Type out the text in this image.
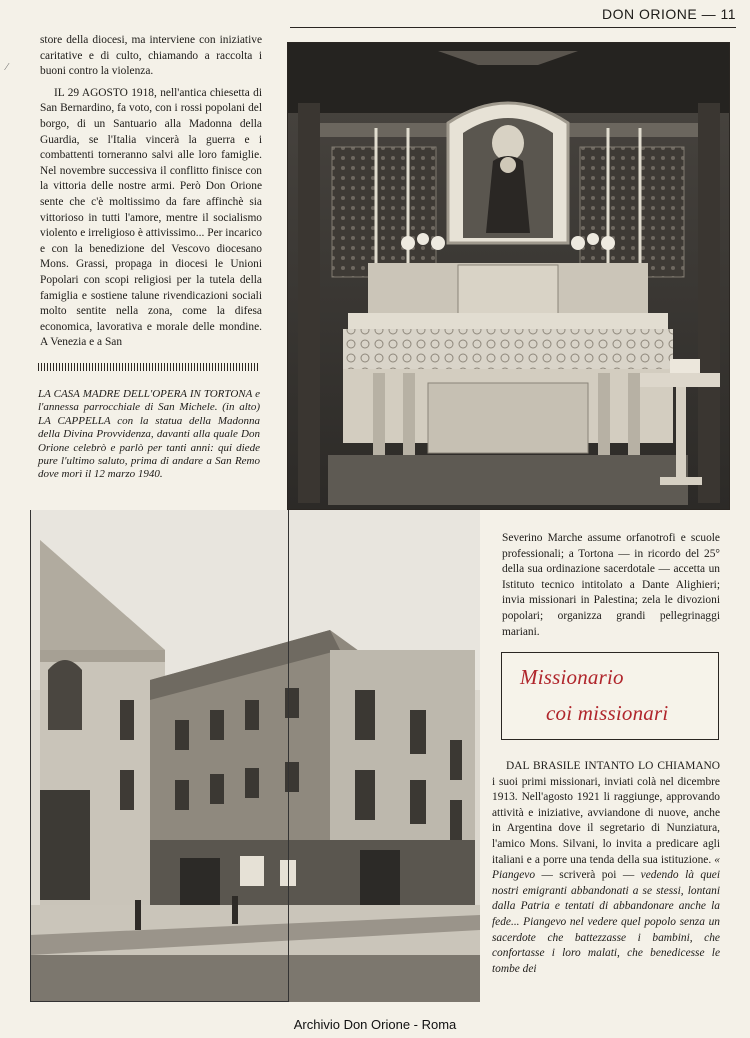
DON ORIONE — 11
⁄

store della diocesi, ma interviene con iniziative caritative e di culto, chiamando a raccolta i buoni contro la violenza.

IL 29 AGOSTO 1918, nell'antica chiesetta di San Bernardino, fa voto, con i rossi popolani del borgo, di un Santuario alla Madonna della Guardia, se l'Italia vincerà la guerra e i combattenti torneranno salvi alle loro famiglie. Nel novembre successiva il conflitto finisce con la vittoria delle nostre armi. Però Don Orione sente che c'è moltissimo da fare affinchè sia vittorioso in tutti l'amore, mentre il socialismo violento e irreligioso è attivissimo... Per incarico e con la benedizione del Vescovo diocesano Mons. Grassi, propaga in diocesi le Unioni Popolari con scopi religiosi per la tutela della famiglia e sostiene talune rivendicazioni sociali molto sentite nella zona, come la difesa economica, lavorativa e morale delle mondine. A Venezia e a San

LA CASA MADRE DELL'OPERA IN TORTONA e l'annessa parrocchiale di San Michele. (in alto) LA CAPPELLA con la statua della Madonna della Divina Provvidenza, davanti alla quale Don Orione celebrò e parlò per tanti anni: qui diede pure l'ultimo saluto, prima di andare a San Remo dove morì il 12 marzo 1940.

Severino Marche assume orfanotrofi e scuole professionali; a Tortona — in ricordo del 25° della sua ordinazione sacerdotale — accetta un Istituto tecnico intitolato a Dante Alighieri; invia missionari in Palestina; zela le divozioni popolari; organizza grandi pellegrinaggi mariani.

Missionario
coi missionari

DAL BRASILE INTANTO LO CHIAMANO i suoi primi missionari, inviati colà nel dicembre 1913. Nell'agosto 1921 li raggiunge, approvando attività e iniziative, avviandone di nuove, anche in Argentina dove il segretario di Nunziatura, l'amico Mons. Silvani, lo invita a predicare agli italiani e a porre una tenda della sua istituzione. « Piangevo — scriverà poi — vedendo là quei nostri emigranti abbandonati a se stessi, lontani dalla Patria e tentati di abbandonare anche la fede... Piangevo nel vedere quel popolo senza un sacerdote che battezzasse i bambini, che confortasse i loro malati, che benedicesse le tombe dei

Archivio Don Orione - Roma
